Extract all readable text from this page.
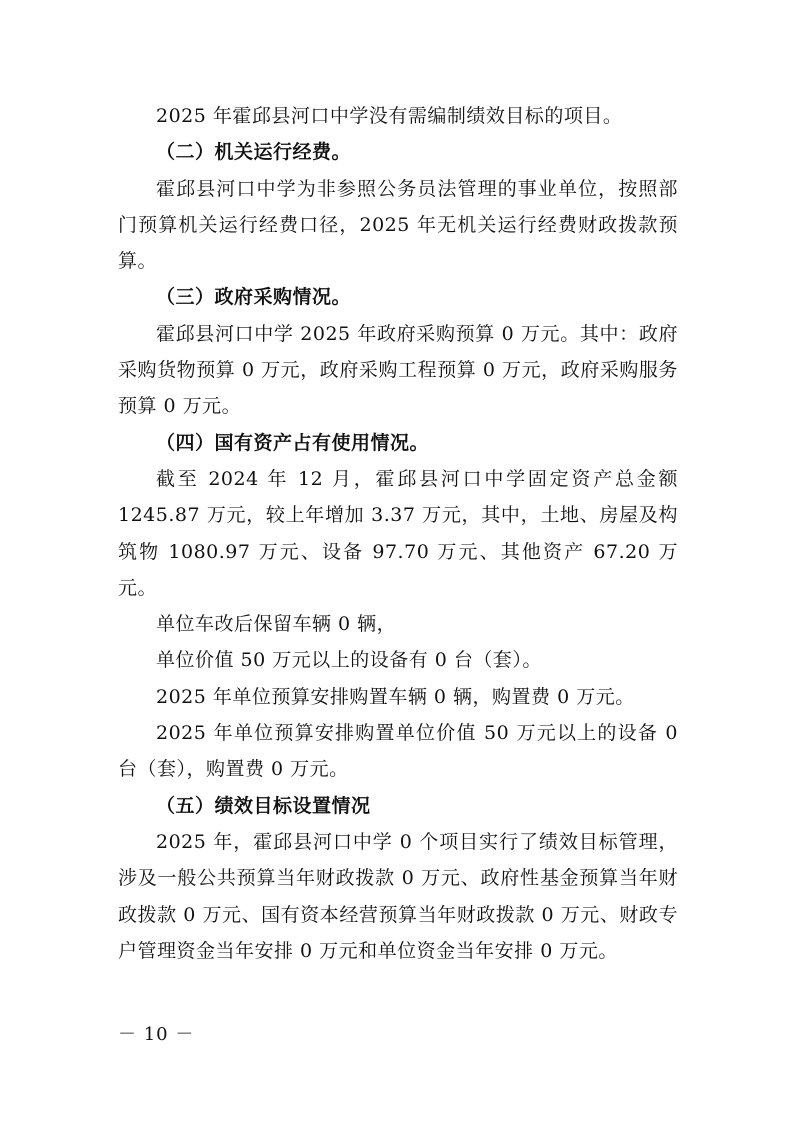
2025 年霍邱县河口中学没有需编制绩效目标的项目。

（二）机关运行经费。

霍邱县河口中学为非参照公务员法管理的事业单位，按照部门预算机关运行经费口径，2025 年无机关运行经费财政拨款预算。

（三）政府采购情况。

霍邱县河口中学 2025 年政府采购预算 0 万元。其中：政府采购货物预算 0 万元，政府采购工程预算 0 万元，政府采购服务预算 0 万元。

（四）国有资产占有使用情况。

截至 2024 年 12 月，霍邱县河口中学固定资产总金额 1245.87 万元，较上年增加 3.37 万元，其中，土地、房屋及构筑物 1080.97 万元、设备 97.70 万元、其他资产 67.20 万元。

单位车改后保留车辆 0 辆，

单位价值 50 万元以上的设备有 0 台（套）。

2025 年单位预算安排购置车辆 0 辆，购置费 0 万元。

2025 年单位预算安排购置单位价值 50 万元以上的设备 0 台（套），购置费 0 万元。

（五）绩效目标设置情况

2025 年，霍邱县河口中学 0 个项目实行了绩效目标管理，涉及一般公共预算当年财政拨款 0 万元、政府性基金预算当年财政拨款 0 万元、国有资本经营预算当年财政拨款 0 万元、财政专户管理资金当年安排 0 万元和单位资金当年安排 0 万元。

－ 10 －
